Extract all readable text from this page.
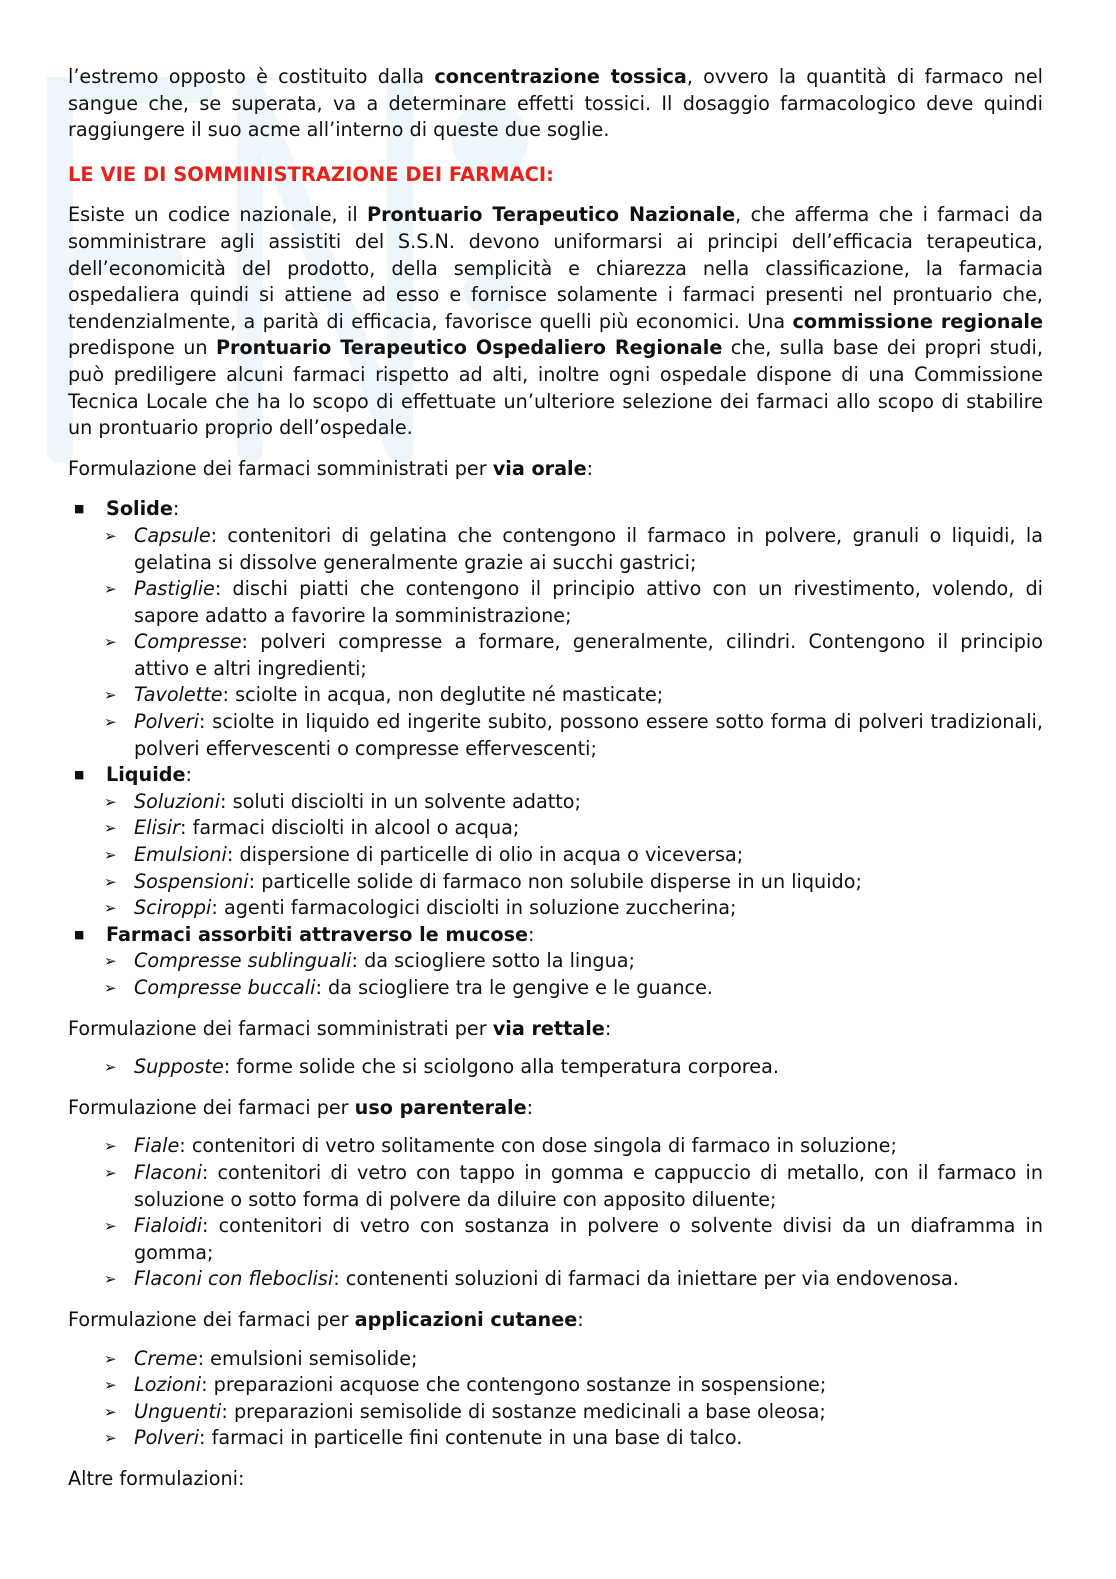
l’estremo opposto è costituito dalla concentrazione tossica, ovvero la quantità di farmaco nel sangue che, se superata, va a determinare effetti tossici. Il dosaggio farmacologico deve quindi raggiungere il suo acme all’interno di queste due soglie.

LE VIE DI SOMMINISTRAZIONE DEI FARMACI:

Esiste un codice nazionale, il Prontuario Terapeutico Nazionale, che afferma che i farmaci da somministrare agli assistiti del S.S.N. devono uniformarsi ai principi dell’efficacia terapeutica, dell’economicità del prodotto, della semplicità e chiarezza nella classificazione, la farmacia ospedaliera quindi si attiene ad esso e fornisce solamente i farmaci presenti nel prontuario che, tendenzialmente, a parità di efficacia, favorisce quelli più economici. Una commissione regionale predispone un Prontuario Terapeutico Ospedaliero Regionale che, sulla base dei propri studi, può prediligere alcuni farmaci rispetto ad alti, inoltre ogni ospedale dispone di una Commissione Tecnica Locale che ha lo scopo di effettuate un’ulteriore selezione dei farmaci allo scopo di stabilire un prontuario proprio dell’ospedale.

Formulazione dei farmaci somministrati per via orale:

■ Solide:
➢ Capsule: contenitori di gelatina che contengono il farmaco in polvere, granuli o liquidi, la gelatina si dissolve generalmente grazie ai succhi gastrici;
➢ Pastiglie: dischi piatti che contengono il principio attivo con un rivestimento, volendo, di sapore adatto a favorire la somministrazione;
➢ Compresse: polveri compresse a formare, generalmente, cilindri. Contengono il principio attivo e altri ingredienti;
➢ Tavolette: sciolte in acqua, non deglutite né masticate;
➢ Polveri: sciolte in liquido ed ingerite subito, possono essere sotto forma di polveri tradizionali, polveri effervescenti o compresse effervescenti;
■ Liquide:
➢ Soluzioni: soluti disciolti in un solvente adatto;
➢ Elisir: farmaci disciolti in alcool o acqua;
➢ Emulsioni: dispersione di particelle di olio in acqua o viceversa;
➢ Sospensioni: particelle solide di farmaco non solubile disperse in un liquido;
➢ Sciroppi: agenti farmacologici disciolti in soluzione zuccherina;
■ Farmaci assorbiti attraverso le mucose:
➢ Compresse sublinguali: da sciogliere sotto la lingua;
➢ Compresse buccali: da sciogliere tra le gengive e le guance.

Formulazione dei farmaci somministrati per via rettale:

➢ Supposte: forme solide che si sciolgono alla temperatura corporea.

Formulazione dei farmaci per uso parenterale:

➢ Fiale: contenitori di vetro solitamente con dose singola di farmaco in soluzione;
➢ Flaconi: contenitori di vetro con tappo in gomma e cappuccio di metallo, con il farmaco in soluzione o sotto forma di polvere da diluire con apposito diluente;
➢ Fialoidi: contenitori di vetro con sostanza in polvere o solvente divisi da un diaframma in gomma;
➢ Flaconi con fleboclisi: contenenti soluzioni di farmaci da iniettare per via endovenosa.

Formulazione dei farmaci per applicazioni cutanee:

➢ Creme: emulsioni semisolide;
➢ Lozioni: preparazioni acquose che contengono sostanze in sospensione;
➢ Unguenti: preparazioni semisolide di sostanze medicinali a base oleosa;
➢ Polveri: farmaci in particelle fini contenute in una base di talco.

Altre formulazioni:
